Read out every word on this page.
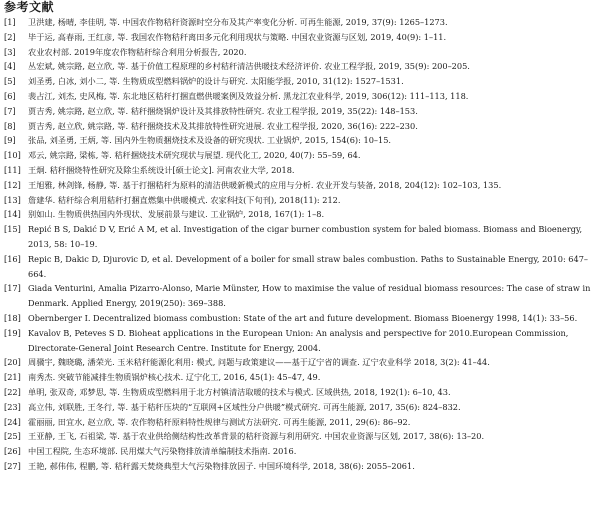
参考文献
[1]	卫洪建, 杨晴, 李佳明, 等. 中国农作物秸秆资源时空分布及其产率变化分析. 可再生能源, 2019, 37(9): 1265–1273.
[2]	毕于运, 高春雨, 王红彦, 等. 我国农作物秸秆离田多元化利用现状与策略. 中国农业资源与区划, 2019, 40(9): 1–11.
[3]	农业农村部. 2019年度农作物秸秆综合利用分析报告, 2020.
[4]	丛宏斌, 姚宗路, 赵立欣, 等. 基于价值工程原理的乡村秸秆清洁供暖技术经济评价. 农业工程学报, 2019, 35(9): 200–205.
[5]	刘圣勇, 白冰, 刘小二, 等. 生物质成型燃料锅炉的设计与研究. 太阳能学报, 2010, 31(12): 1527–1531.
[6]	裴占江, 刘杰, 史风梅, 等. 东北地区秸秆打捆直燃供暖案例及效益分析. 黑龙江农业科学, 2019, 306(12): 111–113, 118.
[7]	贾吉秀, 姚宗路, 赵立欣, 等. 秸秆捆烧锅炉设计及其排放特性研究. 农业工程学报, 2019, 35(22): 148–153.
[8]	贾吉秀, 赵立欣, 姚宗路, 等. 秸秆捆烧技术及其排放特性研究进展. 农业工程学报, 2020, 36(16): 222–230.
[9]	张品, 刘圣勇, 王炳, 等. 国内外生物质捆烧技术及设备的研究现状. 工业锅炉, 2015, 154(6): 10–15.
[10] 邓云, 姚宗路, 梁栋, 等. 秸秆捆烧技术研究现状与展望. 现代化工, 2020, 40(7): 55–59, 64.
[11] 王炯. 秸秆捆烧特性研究及除尘系统设计[硕士论文]. 河南农业大学, 2018.
[12] 王旭雅, 林剑锋, 杨静, 等. 基于打捆秸秆为原料的清洁供暖新模式的应用与分析. 农业开发与装备, 2018, 204(12): 102–103, 135.
[13] 詹建华. 秸秆综合利用秸秆打捆直燃集中供暖模式. 农家科技(下旬刊), 2018(11): 212.
[14] 别如山. 生物质供热国内外现状、发展前景与建议. 工业锅炉, 2018, 167(1): 1–8.
[15] Repić B S, Dakić D V, Erić A M, et al. Investigation of the cigar burner combustion system for baled biomass. Biomass and Bioenergy, 2013, 58: 10–19.
[16] Repic B, Dakic D, Djurovic D, et al. Development of a boiler for small straw bales combustion. Paths to Sustainable Energy, 2010: 647–664.
[17] Giada Venturini, Amalia Pizarro-Alonso, Marie Münster, How to maximise the value of residual biomass resources: The case of straw in Denmark. Applied Energy, 2019(250): 369–388.
[18] Obernberger I. Decentralized biomass combustion: State of the art and future development. Biomass Bioenergy 1998, 14(1): 33–56.
[19] Kavalov B, Peteves S D. Bioheat applications in the European Union: An analysis and perspective for 2010.European Commission, Directorate-General Joint Research Centre. Institute for Energy, 2004.
[20] 周骥宇, 魏晓璐, 潘荣光. 玉米秸秆能源化利用: 模式, 问题与政策建议——基于辽宁省的调查. 辽宁农业科学 2018, 3(2): 41–44.
[21] 南秀杰. 突破节能减排生物质锅炉核心技术. 辽宁化工, 2016, 45(1): 45–47, 49.
[22] 单明, 张双奇, 邓梦思, 等. 生物质成型燃料用于北方村镇清洁取暖的技术与模式. 区域供热, 2018, 192(1): 6–10, 43.
[23] 高立伟, 刘联胜, 王冬行, 等. 基于秸秆压块的“互联网+区域性分户供暖”模式研究. 可再生能源, 2017, 35(6): 824–832.
[24] 霍丽丽, 田宜水, 赵立欣, 等. 农作物秸秆原料特性规律与测试方法研究. 可再生能源, 2011, 29(6): 86–92.
[25] 王亚静, 王飞, 石祖梁, 等. 基于农业供给侧结构性改革背景的秸秆资源与利用研究. 中国农业资源与区划, 2017, 38(6): 13–20.
[26] 中国工程院, 生态环境部. 民用煤大气污染物排放清单编制技术指南. 2016.
[27] 王艳, 郝伟伟, 程鹏, 等. 秸秆露天焚烧典型大气污染物排放因子. 中国环境科学, 2018, 38(6): 2055–2061.
